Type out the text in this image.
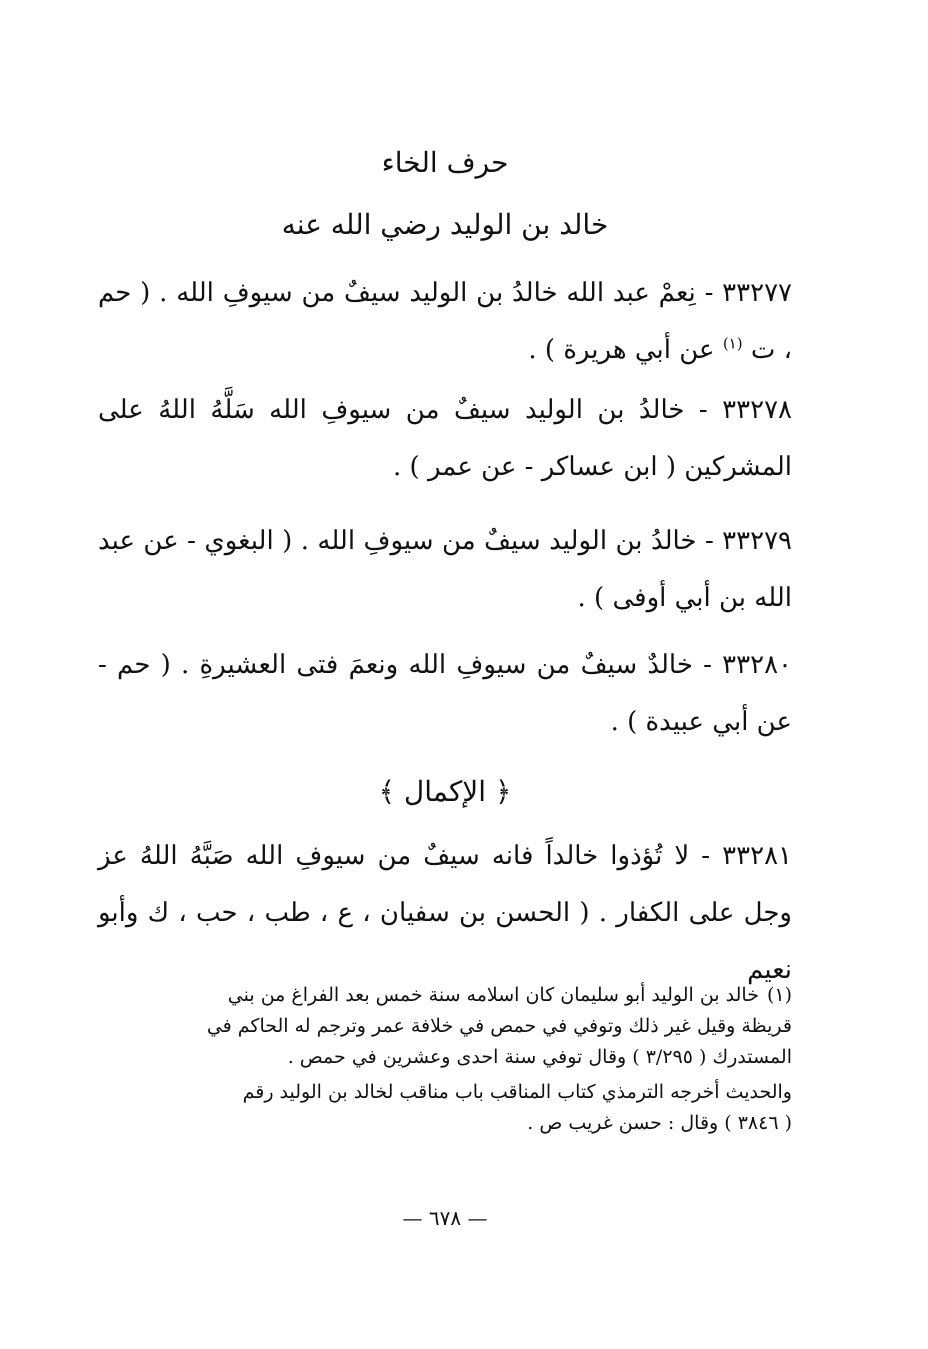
حرف الخاء
خالد بن الوليد رضي الله عنه

٣٣٢٧٧ - نِعمْ عبد الله خالدُ بن الوليد سيفٌ من سيوفِ الله . ( حم ، ت $^{(١)}$ عن أبي هريرة ) .

٣٣٢٧٨ - خالدُ بن الوليد سيفٌ من سيوفِ الله سَلَّهُ اللهُ على المشركين ( ابن عساكر - عن عمر ) .

٣٣٢٧٩ - خالدُ بن الوليد سيفٌ من سيوفِ الله . ( البغوي - عن عبد الله بن أبي أوفى ) .

٣٣٢٨٠ - خالدٌ سيفٌ من سيوفِ الله ونعمَ فتى العشيرةِ . ( حم - عن أبي عبيدة ) .

﴿ الإكمال ﴾

٣٣٢٨١ - لا تُؤذوا خالداً فانه سيفٌ من سيوفِ الله صَبَّهُ اللهُ عز وجل على الكفار . ( الحسن بن سفيان ، ع ، طب ، حب ، ك وأبو نعيم

(١)خالد بن الوليد أبو سليمان كان اسلامه سنة خمس بعد الفراغ من بني
قريظة وقيل غير ذلك وتوفي في حمص في خلافة عمر وترجم له الحاكم في
المستدرك ( ٣/٢٩٥ ) وقال توفي سنة احدى وعشرين في حمص .

والحديث أخرجه الترمذي كتاب المناقب باب مناقب لخالد بن الوليد رقم
( ٣٨٤٦ ) وقال : حسن غريب ص .

— ٦٧٨ —
